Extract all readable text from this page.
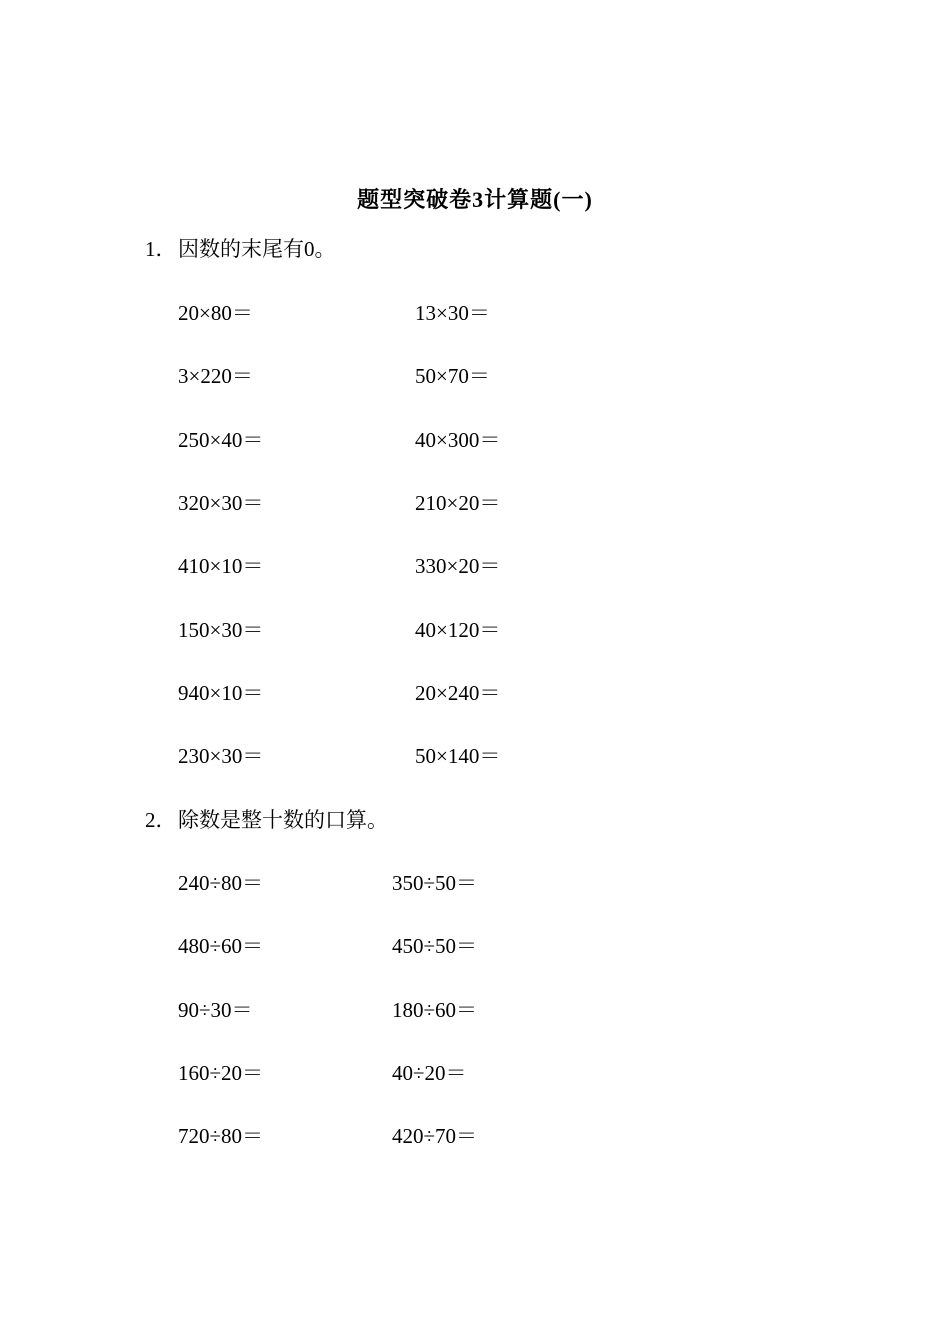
题型突破卷3计算题(一)
1．因数的末尾有0。
20×80＝	13×30＝
3×220＝	50×70＝
250×40＝	40×300＝
320×30＝	210×20＝
410×10＝	330×20＝
150×30＝	40×120＝
940×10＝	20×240＝
230×30＝	50×140＝
2．除数是整十数的口算。
240÷80＝	350÷50＝
480÷60＝	450÷50＝
90÷30＝	180÷60＝
160÷20＝	40÷20＝
720÷80＝	420÷70＝
